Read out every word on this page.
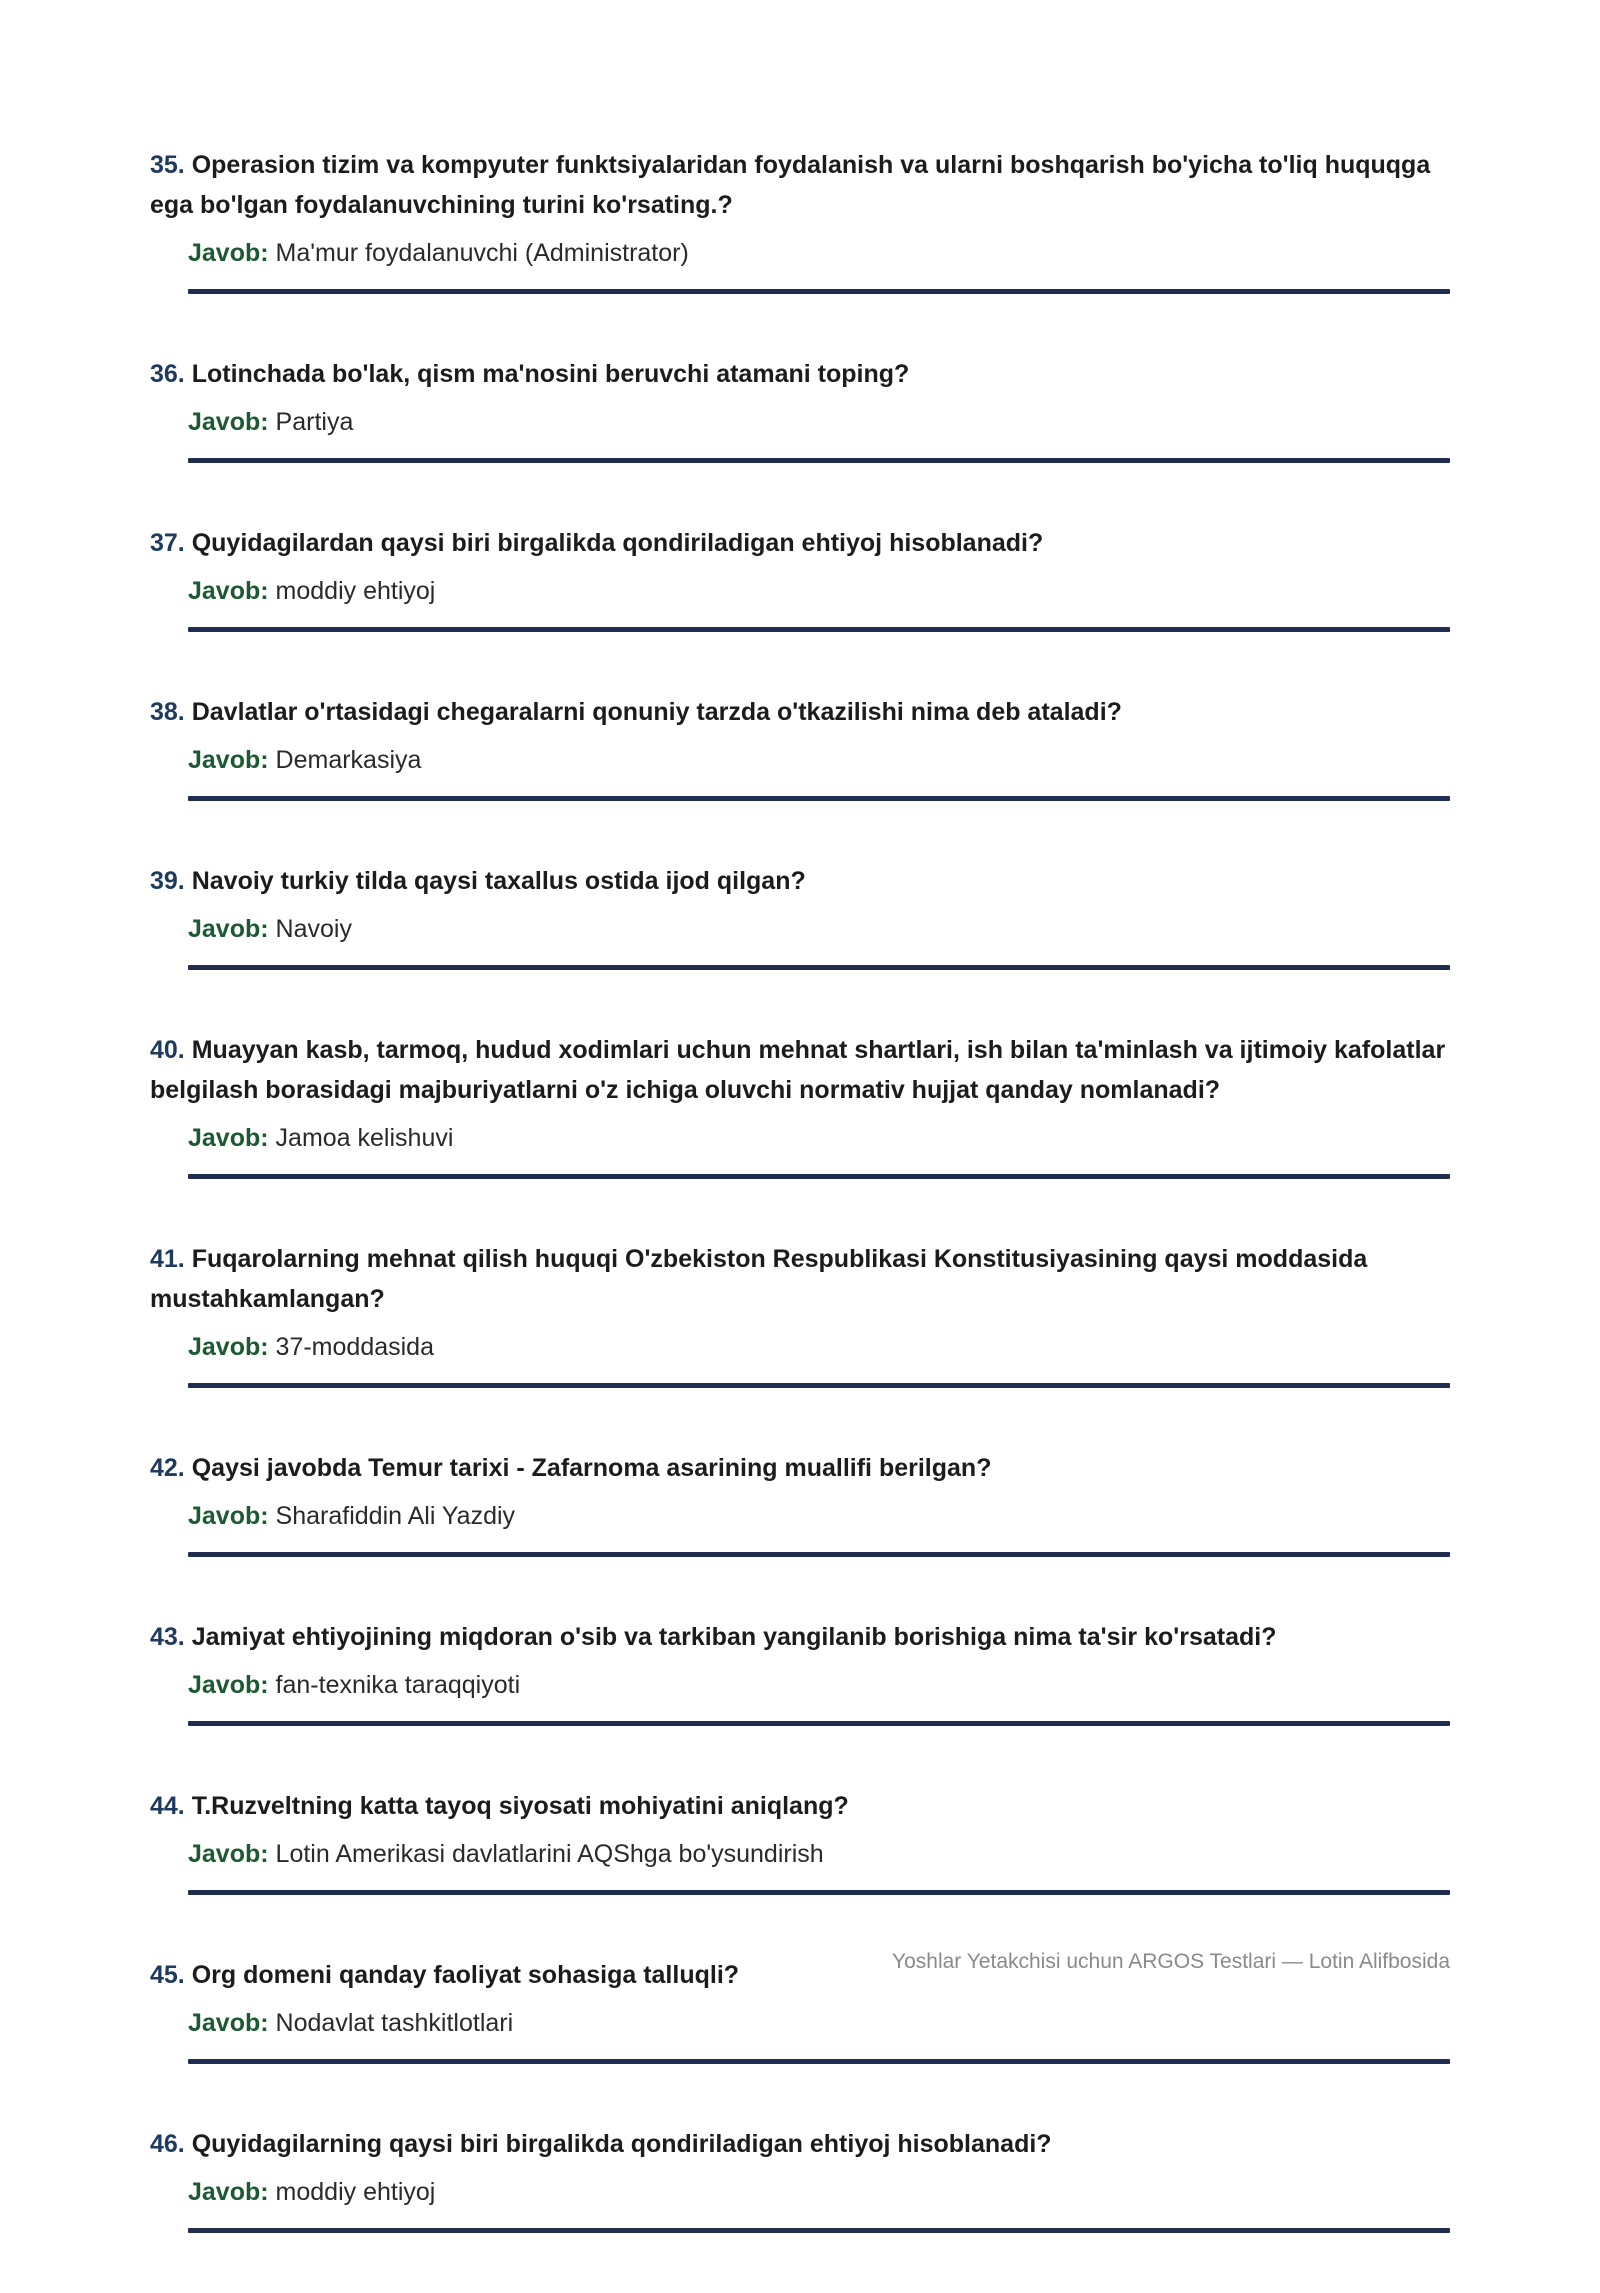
35. Operasion tizim va kompyuter funktsiyalaridan foydalanish va ularni boshqarish bo'yicha to'liq huquqga ega bo'lgan foydalanuvchining turini ko'rsating.?

Javob: Ma'mur foydalanuvchi (Administrator)

36. Lotinchada bo'lak, qism ma'nosini beruvchi atamani toping?

Javob: Partiya

37. Quyidagilardan qaysi biri birgalikda qondiriladigan ehtiyoj hisoblanadi?

Javob: moddiy ehtiyoj

38. Davlatlar o'rtasidagi chegaralarni qonuniy tarzda o'tkazilishi nima deb ataladi?

Javob: Demarkasiya

39. Navoiy turkiy tilda qaysi taxallus ostida ijod qilgan?

Javob: Navoiy

40. Muayyan kasb, tarmoq, hudud xodimlari uchun mehnat shartlari, ish bilan ta'minlash va ijtimoiy kafolatlar belgilash borasidagi majburiyatlarni o'z ichiga oluvchi normativ hujjat qanday nomlanadi?

Javob: Jamoa kelishuvi

41. Fuqarolarning mehnat qilish huquqi O'zbekiston Respublikasi Konstitusiyasining qaysi moddasida mustahkamlangan?

Javob: 37-moddasida

42. Qaysi javobda Temur tarixi - Zafarnoma asarining muallifi berilgan?

Javob: Sharafiddin Ali Yazdiy

43. Jamiyat ehtiyojining miqdoran o'sib va tarkiban yangilanib borishiga nima ta'sir ko'rsatadi?

Javob: fan-texnika taraqqiyoti

44. T.Ruzveltning katta tayoq siyosati mohiyatini aniqlang?

Javob: Lotin Amerikasi davlatlarini AQShga bo'ysundirish

45. Org domeni qanday faoliyat sohasiga talluqli?

Javob: Nodavlat tashkitlotlari

46. Quyidagilarning qaysi biri birgalikda qondiriladigan ehtiyoj hisoblanadi?

Javob: moddiy ehtiyoj
Yoshlar Yetakchisi uchun ARGOS Testlari — Lotin Alifbosida
